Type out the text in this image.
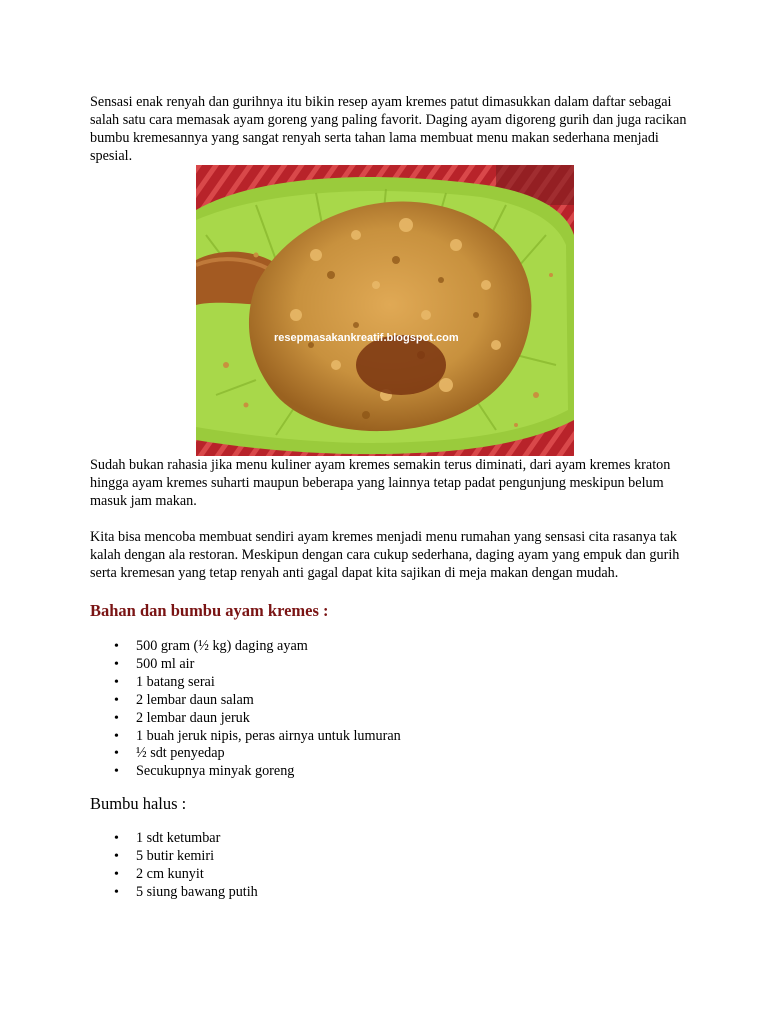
Sensasi enak renyah dan gurihnya itu bikin resep ayam kremes patut dimasukkan dalam daftar sebagai salah satu cara memasak ayam goreng yang paling favorit. Daging ayam digoreng gurih dan juga racikan bumbu kremesannya yang sangat renyah serta tahan lama membuat menu makan sederhana menjadi spesial.

resepmasakankreatif.blogspot.com

Sudah bukan rahasia jika menu kuliner ayam kremes semakin terus diminati, dari ayam kremes kraton hingga ayam kremes suharti maupun beberapa yang lainnya tetap padat pengunjung meskipun belum masuk jam makan.

Kita bisa mencoba membuat sendiri ayam kremes menjadi menu rumahan yang sensasi cita rasanya tak kalah dengan ala restoran. Meskipun dengan cara cukup sederhana, daging ayam yang empuk dan gurih serta kremesan yang tetap renyah anti gagal dapat kita sajikan di meja makan dengan mudah.

Bahan dan bumbu ayam kremes :
• 500 gram (½ kg) daging ayam
• 500 ml air
• 1 batang serai
• 2 lembar daun salam
• 2 lembar daun jeruk
• 1 buah jeruk nipis, peras airnya untuk lumuran
• ½ sdt penyedap
• Secukupnya minyak goreng
Bumbu halus :
• 1 sdt ketumbar
• 5 butir kemiri
• 2 cm kunyit
• 5 siung bawang putih
